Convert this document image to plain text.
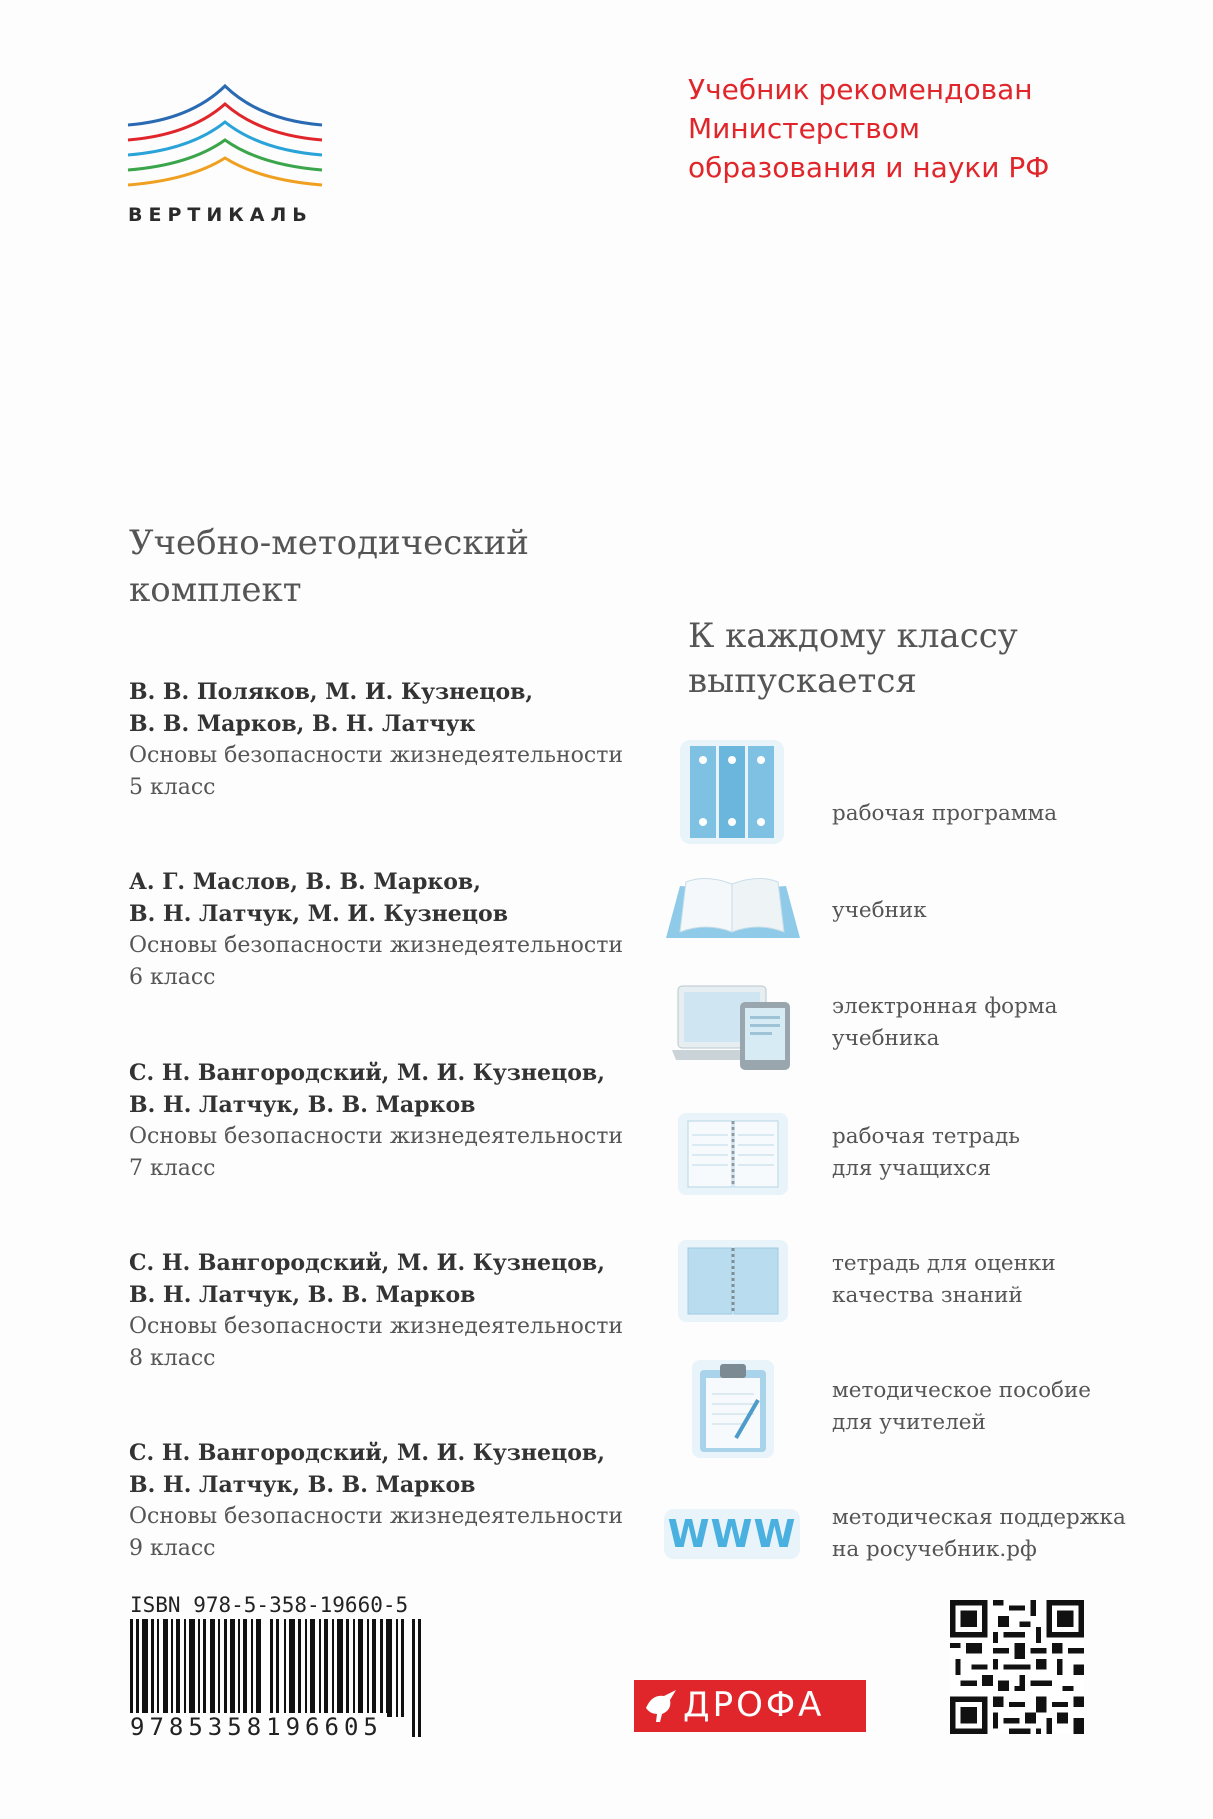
ВЕРТИКАЛЬ
Учебник рекомендован
Министерством
образования и науки РФ
Учебно-методический
комплект
В. В. Поляков, М. И. Кузнецов,
В. В. Марков, В. Н. Латчук
Основы безопасности жизнедеятельности
5 класс
А. Г. Маслов, В. В. Марков,
В. Н. Латчук, М. И. Кузнецов
Основы безопасности жизнедеятельности
6 класс
С. Н. Вангородский, М. И. Кузнецов,
В. Н. Латчук, В. В. Марков
Основы безопасности жизнедеятельности
7 класс
С. Н. Вангородский, М. И. Кузнецов,
В. Н. Латчук, В. В. Марков
Основы безопасности жизнедеятельности
8 класс
С. Н. Вангородский, М. И. Кузнецов,
В. Н. Латчук, В. В. Марков
Основы безопасности жизнедеятельности
9 класс
К каждому классу
выпускается
рабочая программа
учебник
электронная форма
учебника
рабочая тетрадь
для учащихся
тетрадь для оценки
качества знаний
методическое пособие
для учителей
WWW методическая поддержка
на росучебник.рф
ISBN 978-5-358-19660-5
9785358196605
ДРОФА
